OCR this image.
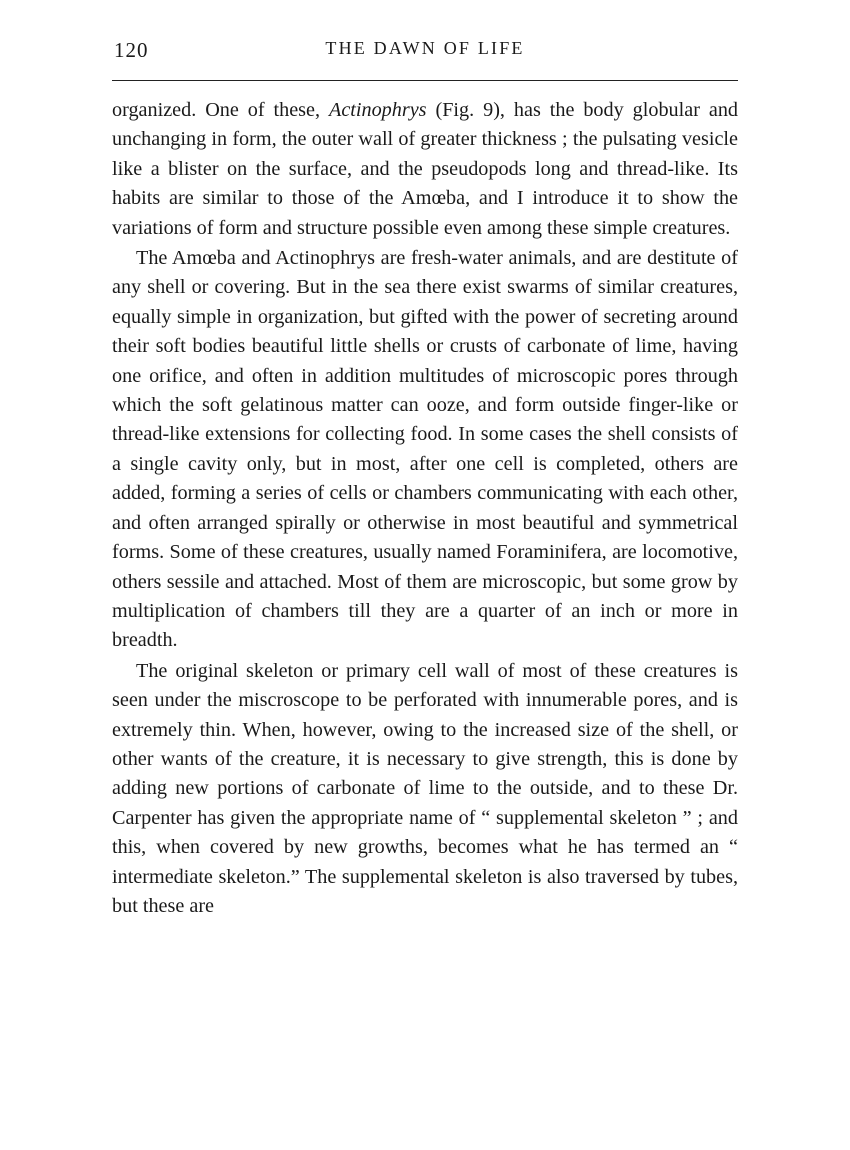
120	THE DAWN OF LIFE

organized. One of these, Actinophrys (Fig. 9), has the body globular and unchanging in form, the outer wall of greater thickness ; the pulsating vesicle like a blister on the surface, and the pseudopods long and thread-like. Its habits are similar to those of the Amœba, and I introduce it to show the variations of form and structure possible even among these simple creatures.

The Amœba and Actinophrys are fresh-water animals, and are destitute of any shell or covering. But in the sea there exist swarms of similar creatures, equally simple in organization, but gifted with the power of secreting around their soft bodies beautiful little shells or crusts of carbonate of lime, having one orifice, and often in addition multitudes of microscopic pores through which the soft gelatinous matter can ooze, and form outside finger-like or thread-like extensions for collecting food. In some cases the shell consists of a single cavity only, but in most, after one cell is completed, others are added, forming a series of cells or chambers communicating with each other, and often arranged spirally or otherwise in most beautiful and symmetrical forms. Some of these creatures, usually named Foraminifera, are locomotive, others sessile and attached. Most of them are microscopic, but some grow by multiplication of chambers till they are a quarter of an inch or more in breadth.

The original skeleton or primary cell wall of most of these creatures is seen under the miscroscope to be perforated with innumerable pores, and is extremely thin. When, however, owing to the increased size of the shell, or other wants of the creature, it is necessary to give strength, this is done by adding new portions of carbonate of lime to the outside, and to these Dr. Carpenter has given the appropriate name of “ supplemental skeleton ” ; and this, when covered by new growths, becomes what he has termed an “ intermediate skeleton.” The supplemental skeleton is also traversed by tubes, but these are
